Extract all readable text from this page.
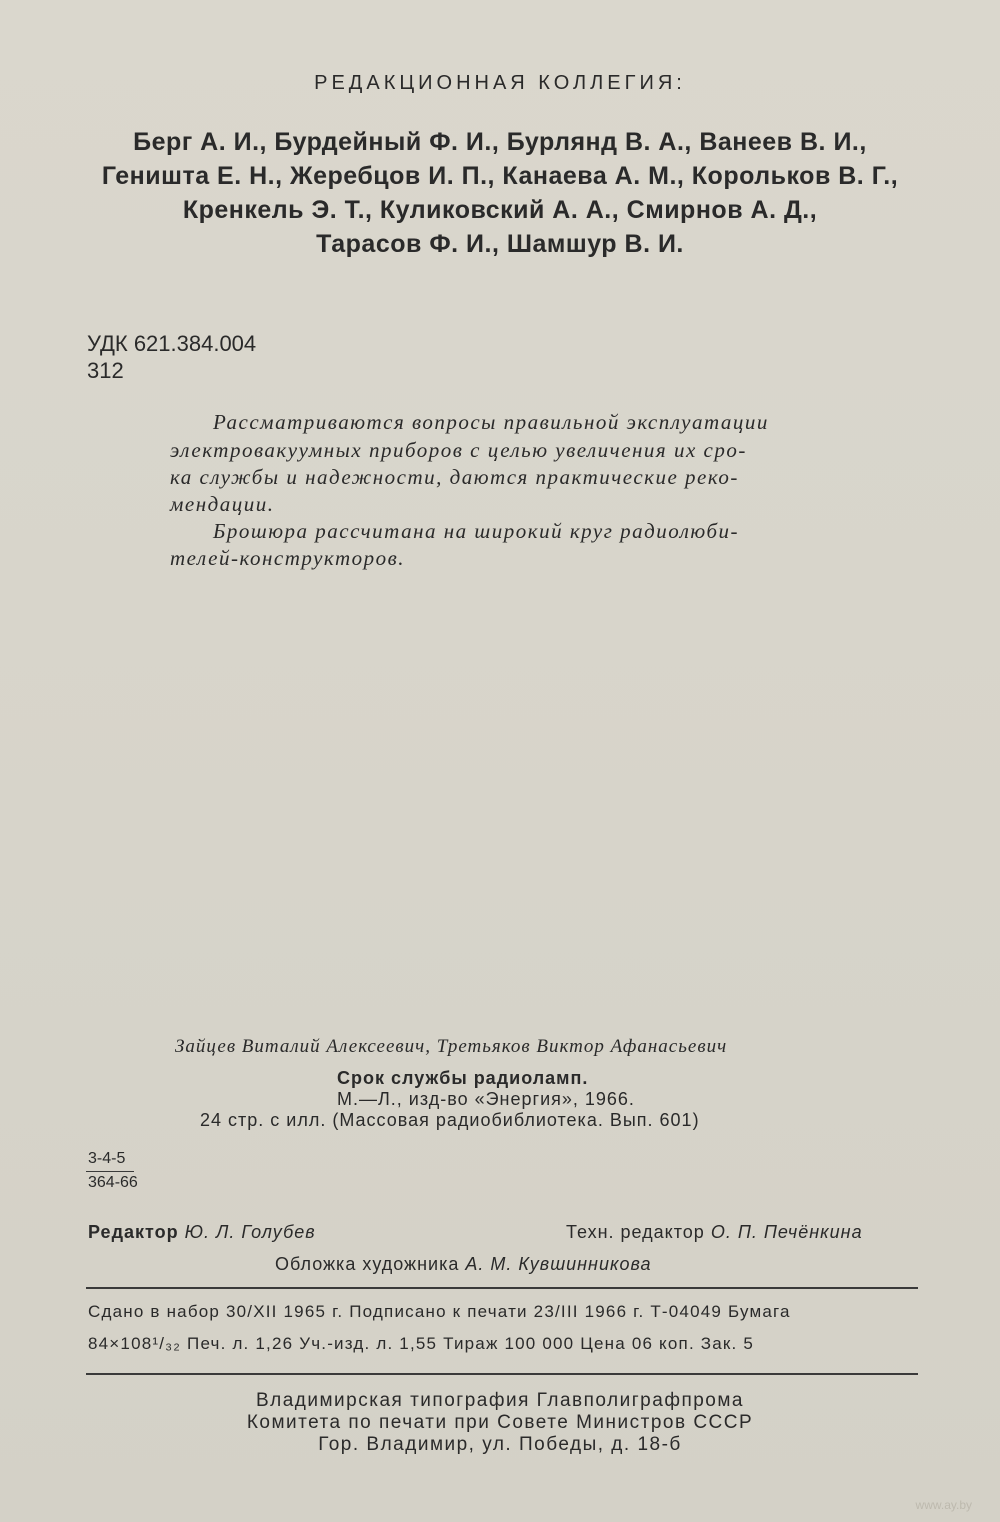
РЕДАКЦИОННАЯ КОЛЛЕГИЯ:
Берг А. И., Бурдейный Ф. И., Бурлянд В. А., Ванеев В. И.,
Геништа Е. Н., Жеребцов И. П., Канаева А. М., Корольков В. Г.,
Кренкель Э. Т., Куликовский А. А., Смирнов А. Д.,
Тарасов Ф. И., Шамшур В. И.
УДК 621.384.004
312
Рассматриваются вопросы правильной эксплуатации
электровакуумных приборов с целью увеличения их сро-
ка службы и надежности, даются практические реко-
мендации.
Брошюра рассчитана на широкий круг радиолюби-
телей-конструкторов.
Зайцев Виталий Алексеевич, Третьяков Виктор Афанасьевич
Срок службы радиоламп.
М.—Л., изд-во «Энергия», 1966.
24 стр. с илл. (Массовая радиобиблиотека. Вып. 601)
3-4-5
364-66
Редактор Ю. Л. Голубев	Техн. редактор О. П. Печёнкина
Обложка художника А. М. Кувшинникова
Сдано в набор 30/XII 1965 г. Подписано к печати 23/III 1966 г. Т-04049 Бумага
84×108¹/₃₂ Печ. л. 1,26 Уч.-изд. л. 1,55 Тираж 100 000 Цена 06 коп. Зак. 5
Владимирская типография Главполиграфпрома
Комитета по печати при Совете Министров СССР
Гор. Владимир, ул. Победы, д. 18-б
www.ay.by
